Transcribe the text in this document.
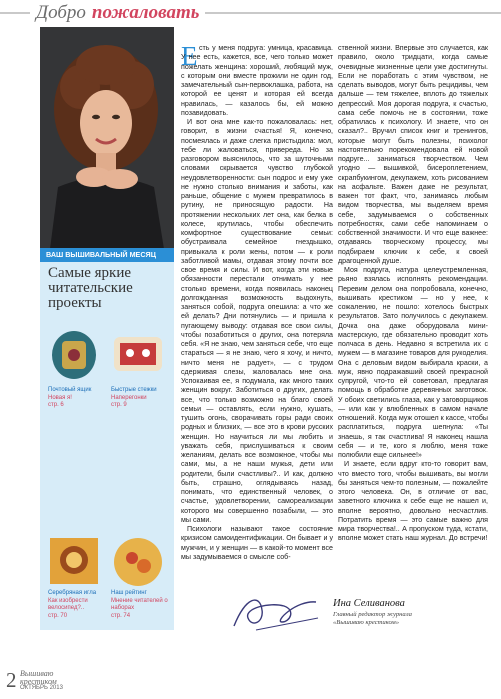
Добро пожаловать
ВАШ ВЫШИВАЛЬНЫЙ МЕСЯЦ
Самые яркие
читательские
проекты
Почтовый ящик
Новая я!
стр. 6
Быстрые стежки
Наперегонки
стр. 9
Серебряная игла
Как изобрести велосипед?..
стр. 70
Наш рейтинг
Мнение читателей о наборах
стр. 74
Е сть у меня подруга: умница, красавица. У нее есть, кажется, все, чего только может пожелать женщина: хороший, любящий муж, с которым они вместе прожили не один год, замечательный сын-первоклашка, работа, на которой ее ценят и которая ей всегда нравилась, — казалось бы, ей можно позавидовать.

И вот она мне как-то пожаловалась: нет, говорит, в жизни счастья! Я, конечно, посмеялась и даже слегка пристыдила: мол, тебе ли жаловаться, привереда. Но за разговором выяснилось, что за шуточными словами скрывается чувство глубокой неудовлетворенности: сын подрос и ему уже не нужно столько внимания и заботы, как раньше, общение с мужем превратилось в рутину, не приносящую радости. На протяжении нескольких лет она, как белка в колесе, крутилась, чтобы обеспечить комфортное существование семьи: обустраивала семейное гнездышко, привыкала к роли жены, потом — к роли заботливой мамы, отдавая этому почти все свое время и силы. И вот, когда эти новые обязанности перестали отнимать у нее столько времени, когда появилась наконец долгожданная возможность выдохнуть, заняться собой, подруга опешила: а что же ей делать? Дни потянулись — и пришла к пугающему выводу: отдавая все свои силы, чтобы позаботиться о других, она потеряла себя. «Я не знаю, чем заняться себе, что еще стараться — я не знаю, чего я хочу, и ничто, ничто меня не радует», — с трудом сдерживая слезы, жаловалась мне она. Успокаивая ее, я подумала, как много таких женщин вокруг. Заботиться о других, делать все, что только возможно на благо своей семьи — оставлять, если нужно, кушать, тушить огонь, сворачивать горы ради своих родных и близких, — все это в крови русских женщин. Но научиться ли мы любить и уважать себя, прислушиваться к своим желаниям, делать все возможное, чтобы мы сами, мы, а не наши мужья, дети или родители, были счастливы?.. И как, должно быть, страшно, оглядываясь назад, понимать, что единственный человек, о счастье, удовлетворении, самореализации которого мы совершенно позабыли, — это мы сами.

Психологи называют такое состояние кризисом самоидентификации. Он бывает и у мужчин, и у женщин — в какой-то момент все мы задумываемся о смысле соб-

ственной жизни. Впервые это случается, как правило, около тридцати, когда самые очевидные жизненные цели уже достигнуты. Если не поработать с этим чувством, не сделать выводов, могут быть рецидивы, чем дальше — тем тяжелее, вплоть до тяжелых депрессий. Моя дорогая подруга, к счастью, сама себе помочь не в состоянии, тоже обратилась к психологу. И знаете, что он сказал?.. Вручил список книг и тренингов, которые могут быть полезны, психолог настоятельно порекомендовала ей новой подруге... заниматься творчеством. Чем угодно — вышивкой, бисероплетением, скрапбукингом, декупажем, хоть рисованием на асфальте. Важен даже не результат, важен тот факт, что, занимаясь любым видом творчества, мы выделяем время себе, задумываемся о собственных потребностях, сами себе напоминаем о собственной значимости. И что еще важнее: отдаваясь творческому процессу, мы подбираем ключик к себе, к своей драгоценной душе.

Моя подруга, натура целеустремленная, рьяно взялась исполнять рекомендации. Перевим делом она попробовала, конечно, вышивать крестиком — но у нее, к сожалению, не пошло: хотелось быстрых результатов. Зато получилось с декупажем. Дочка она даже оборудовала мини-мастерскую, где обязательно проводит хоть полчаса в день. Недавно я встретила их с мужем — в магазине товаров для рукоделия. Она с деловым видом выбирала краски, а муж, явно подражавший своей прекрасной супругой, что-то ей советовал, предлагая помощь в обработке деревянных заготовок. У обоих светились глаза, как у заговорщиков — или как у влюбленных в самом начале отношений. Когда муж отошел к кассе, чтобы расплатиться, подруга шепнула: «Ты знаешь, я так счастлива! Я наконец нашла себя — и те, кого я люблю, меня тоже полюбили еще сильнее!»

И знаете, если вдруг кто-то говорит вам, что вместо того, чтобы вышивать, вы могли бы заняться чем-то полезным, — пожалейте этого человека. Он, в отличие от вас, заветного ключика к себе еще не нашел и, вполне вероятно, довольно несчастлив. Потратить время — это самые важно для мира творчества!.. А пропуском туда, кстати, вполне может стать наш журнал. До встречи!

Ина Селиванова
Главный редактор журнала
«Вышиваю крестиком»
2 Вышиваю
крестиком
ОКТЯБРЬ 2013
